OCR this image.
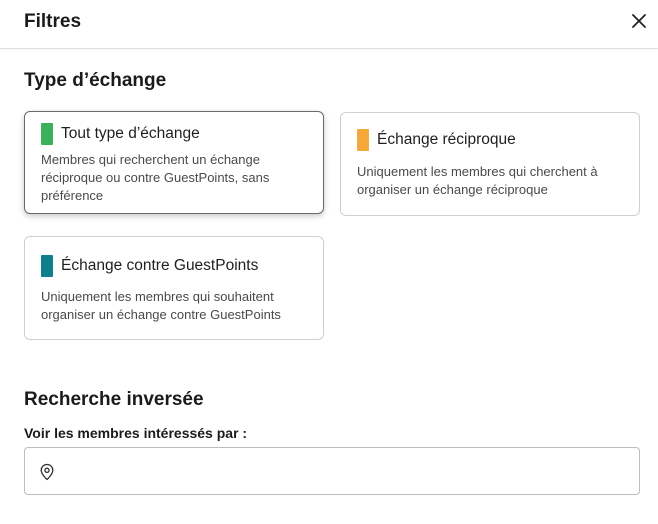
Filtres
Type d’échange
Tout type d’échange
Membres qui recherchent un échange réciproque ou contre GuestPoints, sans préférence
Échange réciproque
Uniquement les membres qui cherchent à organiser un échange réciproque
Échange contre GuestPoints
Uniquement les membres qui souhaitent organiser un échange contre GuestPoints
Recherche inversée
Voir les membres intéressés par :
